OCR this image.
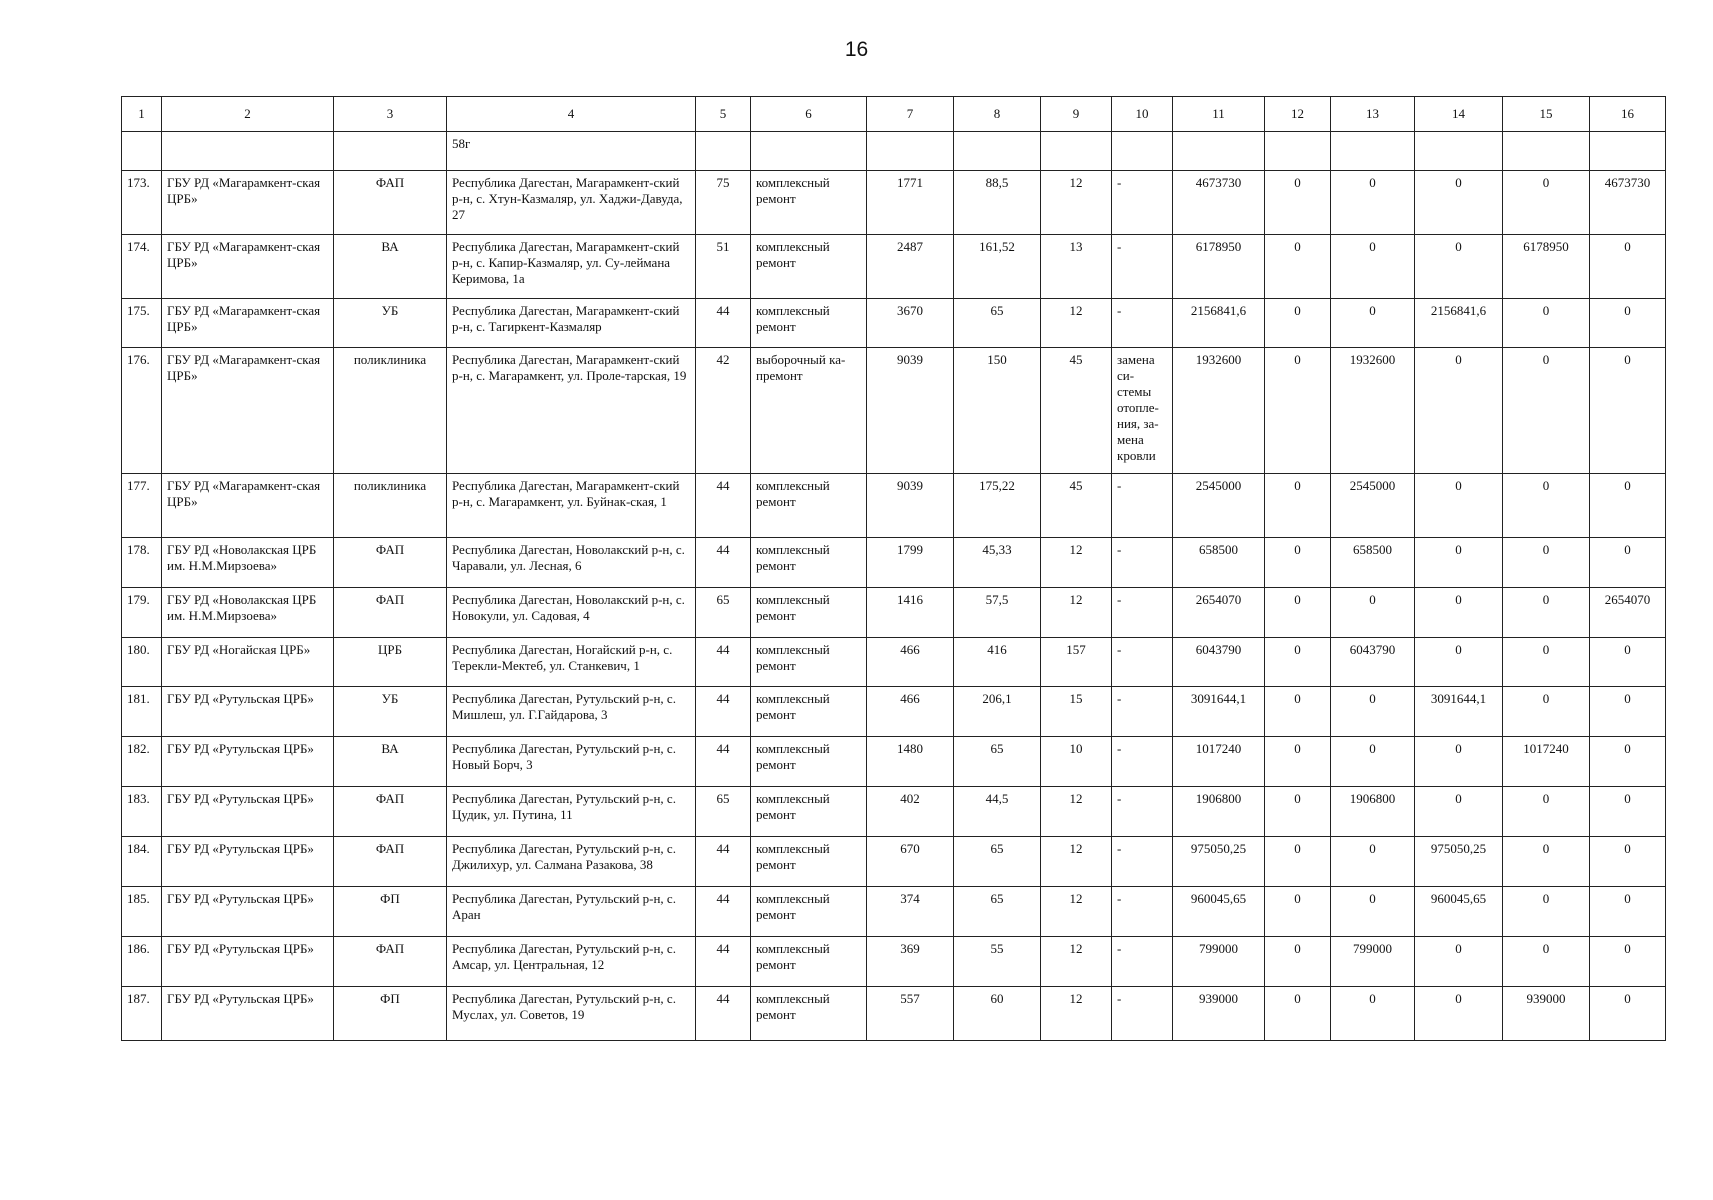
16
1	2	3	4	5	6	7	8	9	10	11	12	13	14	15	16
			58г												
173.	ГБУ РД «Магарамкент-ская ЦРБ»	ФАП	Республика Дагестан, Магарамкент-ский р-н, с. Хтун-Казмаляр, ул. Хаджи-Давуда, 27	75	комплексный ремонт	1771	88,5	12	-	4673730	0	0	0	0	4673730
174.	ГБУ РД «Магарамкент-ская ЦРБ»	ВА	Республика Дагестан, Магарамкент-ский р-н, с. Капир-Казмаляр, ул. Су-леймана Керимова, 1а	51	комплексный ремонт	2487	161,52	13	-	6178950	0	0	0	6178950	0
175.	ГБУ РД «Магарамкент-ская ЦРБ»	УБ	Республика Дагестан, Магарамкент-ский р-н, с. Тагиркент-Казмаляр	44	комплексный ремонт	3670	65	12	-	2156841,6	0	0	2156841,6	0	0
176.	ГБУ РД «Магарамкент-ская ЦРБ»	поликлиника	Республика Дагестан, Магарамкент-ский р-н, с. Магарамкент, ул. Проле-тарская, 19	42	выборочный ка-премонт	9039	150	45	замена си-стемы отопле-ния, за-мена кровли	1932600	0	1932600	0	0	0
177.	ГБУ РД «Магарамкент-ская ЦРБ»	поликлиника	Республика Дагестан, Магарамкент-ский р-н, с. Магарамкент, ул. Буйнак-ская, 1	44	комплексный ремонт	9039	175,22	45	-	2545000	0	2545000	0	0	0
178.	ГБУ РД «Новолакская ЦРБ им. Н.М.Мирзоева»	ФАП	Республика Дагестан, Новолакский р-н, с. Чаравали, ул. Лесная, 6	44	комплексный ремонт	1799	45,33	12	-	658500	0	658500	0	0	0
179.	ГБУ РД «Новолакская ЦРБ им. Н.М.Мирзоева»	ФАП	Республика Дагестан, Новолакский р-н, с. Новокули, ул. Садовая, 4	65	комплексный ремонт	1416	57,5	12	-	2654070	0	0	0	0	2654070
180.	ГБУ РД «Ногайская ЦРБ»	ЦРБ	Республика Дагестан, Ногайский р-н, с. Терекли-Мектеб, ул. Станкевич, 1	44	комплексный ремонт	466	416	157	-	6043790	0	6043790	0	0	0
181.	ГБУ РД «Рутульская ЦРБ»	УБ	Республика Дагестан, Рутульский р-н, с. Мишлеш, ул. Г.Гайдарова, 3	44	комплексный ремонт	466	206,1	15	-	3091644,1	0	0	3091644,1	0	0
182.	ГБУ РД «Рутульская ЦРБ»	ВА	Республика Дагестан, Рутульский р-н, с. Новый Борч, 3	44	комплексный ремонт	1480	65	10	-	1017240	0	0	0	1017240	0
183.	ГБУ РД «Рутульская ЦРБ»	ФАП	Республика Дагестан, Рутульский р-н, с. Цудик, ул. Путина, 11	65	комплексный ремонт	402	44,5	12	-	1906800	0	1906800	0	0	0
184.	ГБУ РД «Рутульская ЦРБ»	ФАП	Республика Дагестан, Рутульский р-н, с. Джилихур, ул. Салмана Разакова, 38	44	комплексный ремонт	670	65	12	-	975050,25	0	0	975050,25	0	0
185.	ГБУ РД «Рутульская ЦРБ»	ФП	Республика Дагестан, Рутульский р-н, с. Аран	44	комплексный ремонт	374	65	12	-	960045,65	0	0	960045,65	0	0
186.	ГБУ РД «Рутульская ЦРБ»	ФАП	Республика Дагестан, Рутульский р-н, с. Амсар, ул. Центральная, 12	44	комплексный ремонт	369	55	12	-	799000	0	799000	0	0	0
187.	ГБУ РД «Рутульская ЦРБ»	ФП	Республика Дагестан, Рутульский р-н, с. Муслах, ул. Советов, 19	44	комплексный ремонт	557	60	12	-	939000	0	0	0	939000	0
